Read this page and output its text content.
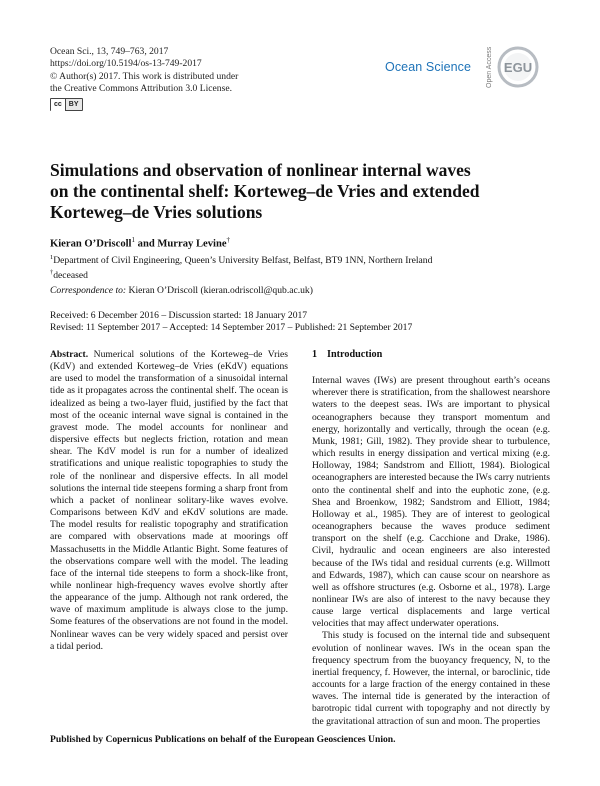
Ocean Sci., 13, 749–763, 2017
https://doi.org/10.5194/os-13-749-2017
© Author(s) 2017. This work is distributed under
the Creative Commons Attribution 3.0 License.
cc	BY
Ocean Science Open Access EGU
Simulations and observation of nonlinear internal waves
on the continental shelf: Korteweg–de Vries and extended
Korteweg–de Vries solutions
Kieran O’Driscoll$^1$ and Murray Levine†
$^1$Department of Civil Engineering, Queen’s University Belfast, Belfast, BT9 1NN, Northern Ireland
†deceased
Correspondence to: Kieran O’Driscoll (kieran.odriscoll@qub.ac.uk)
Received: 6 December 2016 – Discussion started: 18 January 2017
Revised: 11 September 2017 – Accepted: 14 September 2017 – Published: 21 September 2017

Abstract. Numerical solutions of the Korteweg–de Vries (KdV) and extended Korteweg–de Vries (eKdV) equations are used to model the transformation of a sinusoidal internal tide as it propagates across the continental shelf. The ocean is idealized as being a two-layer fluid, justified by the fact that most of the oceanic internal wave signal is contained in the gravest mode. The model accounts for nonlinear and dispersive effects but neglects friction, rotation and mean shear. The KdV model is run for a number of idealized stratifications and unique realistic topographies to study the role of the nonlinear and dispersive effects. In all model solutions the internal tide steepens forming a sharp front from which a packet of nonlinear solitary-like waves evolve. Comparisons between KdV and eKdV solutions are made. The model results for realistic topography and stratification are compared with observations made at moorings off Massachusetts in the Middle Atlantic Bight. Some features of the observations compare well with the model. The leading face of the internal tide steepens to form a shock-like front, while nonlinear high-frequency waves evolve shortly after the appearance of the jump. Although not rank ordered, the wave of maximum amplitude is always close to the jump. Some features of the observations are not found in the model. Nonlinear waves can be very widely spaced and persist over a tidal period.

1 Introduction

Internal waves (IWs) are present throughout earth’s oceans wherever there is stratification, from the shallowest nearshore waters to the deepest seas. IWs are important to physical oceanographers because they transport momentum and energy, horizontally and vertically, through the ocean (e.g. Munk, 1981; Gill, 1982). They provide shear to turbulence, which results in energy dissipation and vertical mixing (e.g. Holloway, 1984; Sandstrom and Elliott, 1984). Biological oceanographers are interested because the IWs carry nutrients onto the continental shelf and into the euphotic zone, (e.g. Shea and Broenkow, 1982; Sandstrom and Elliott, 1984; Holloway et al., 1985). They are of interest to geological oceanographers because the waves produce sediment transport on the shelf (e.g. Cacchione and Drake, 1986). Civil, hydraulic and ocean engineers are also interested because of the IWs tidal and residual currents (e.g. Willmott and Edwards, 1987), which can cause scour on nearshore as well as offshore structures (e.g. Osborne et al., 1978). Large nonlinear IWs are also of interest to the navy because they cause large vertical displacements and large vertical velocities that may affect underwater operations.

This study is focused on the internal tide and subsequent evolution of nonlinear waves. IWs in the ocean span the frequency spectrum from the buoyancy frequency, N, to the inertial frequency, f. However, the internal, or baroclinic, tide accounts for a large fraction of the energy contained in these waves. The internal tide is generated by the interaction of barotropic tidal current with topography and not directly by the gravitational attraction of sun and moon. The properties

Published by Copernicus Publications on behalf of the European Geosciences Union.
